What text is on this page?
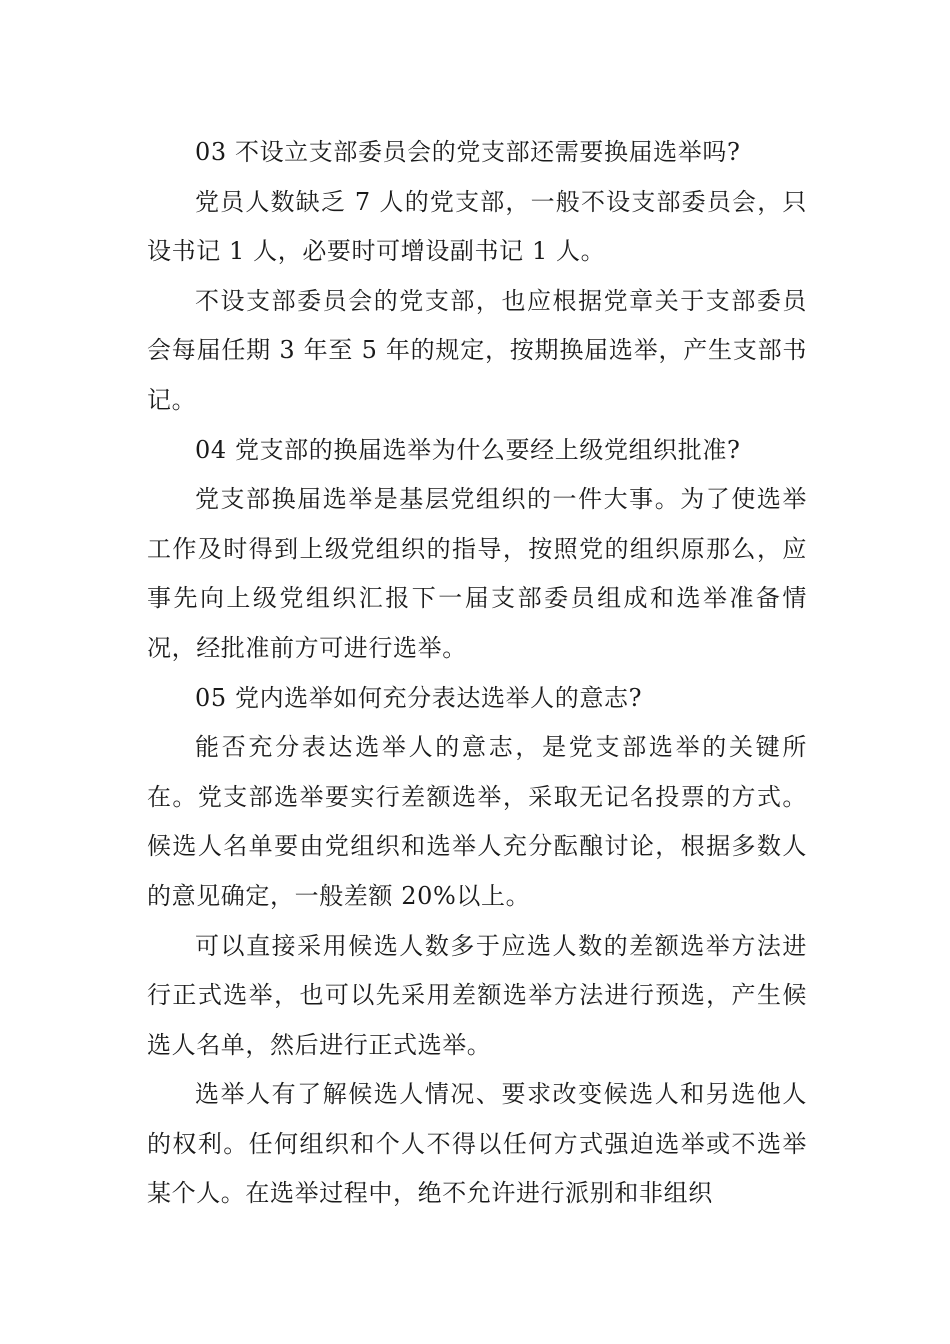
03 不设立支部委员会的党支部还需要换届选举吗?

党员人数缺乏 7 人的党支部，一般不设支部委员会，只设书记 1 人，必要时可增设副书记 1 人。

不设支部委员会的党支部，也应根据党章关于支部委员会每届任期 3 年至 5 年的规定，按期换届选举，产生支部书记。

04 党支部的换届选举为什么要经上级党组织批准?

党支部换届选举是基层党组织的一件大事。为了使选举工作及时得到上级党组织的指导，按照党的组织原那么，应事先向上级党组织汇报下一届支部委员组成和选举准备情况，经批准前方可进行选举。

05 党内选举如何充分表达选举人的意志?

能否充分表达选举人的意志，是党支部选举的关键所在。党支部选举要实行差额选举，采取无记名投票的方式。候选人名单要由党组织和选举人充分酝酿讨论，根据多数人的意见确定，一般差额 20%以上。

可以直接采用候选人数多于应选人数的差额选举方法进行正式选举，也可以先采用差额选举方法进行预选，产生候选人名单，然后进行正式选举。

选举人有了解候选人情况、要求改变候选人和另选他人的权利。任何组织和个人不得以任何方式强迫选举或不选举某个人。在选举过程中，绝不允许进行派别和非组织
